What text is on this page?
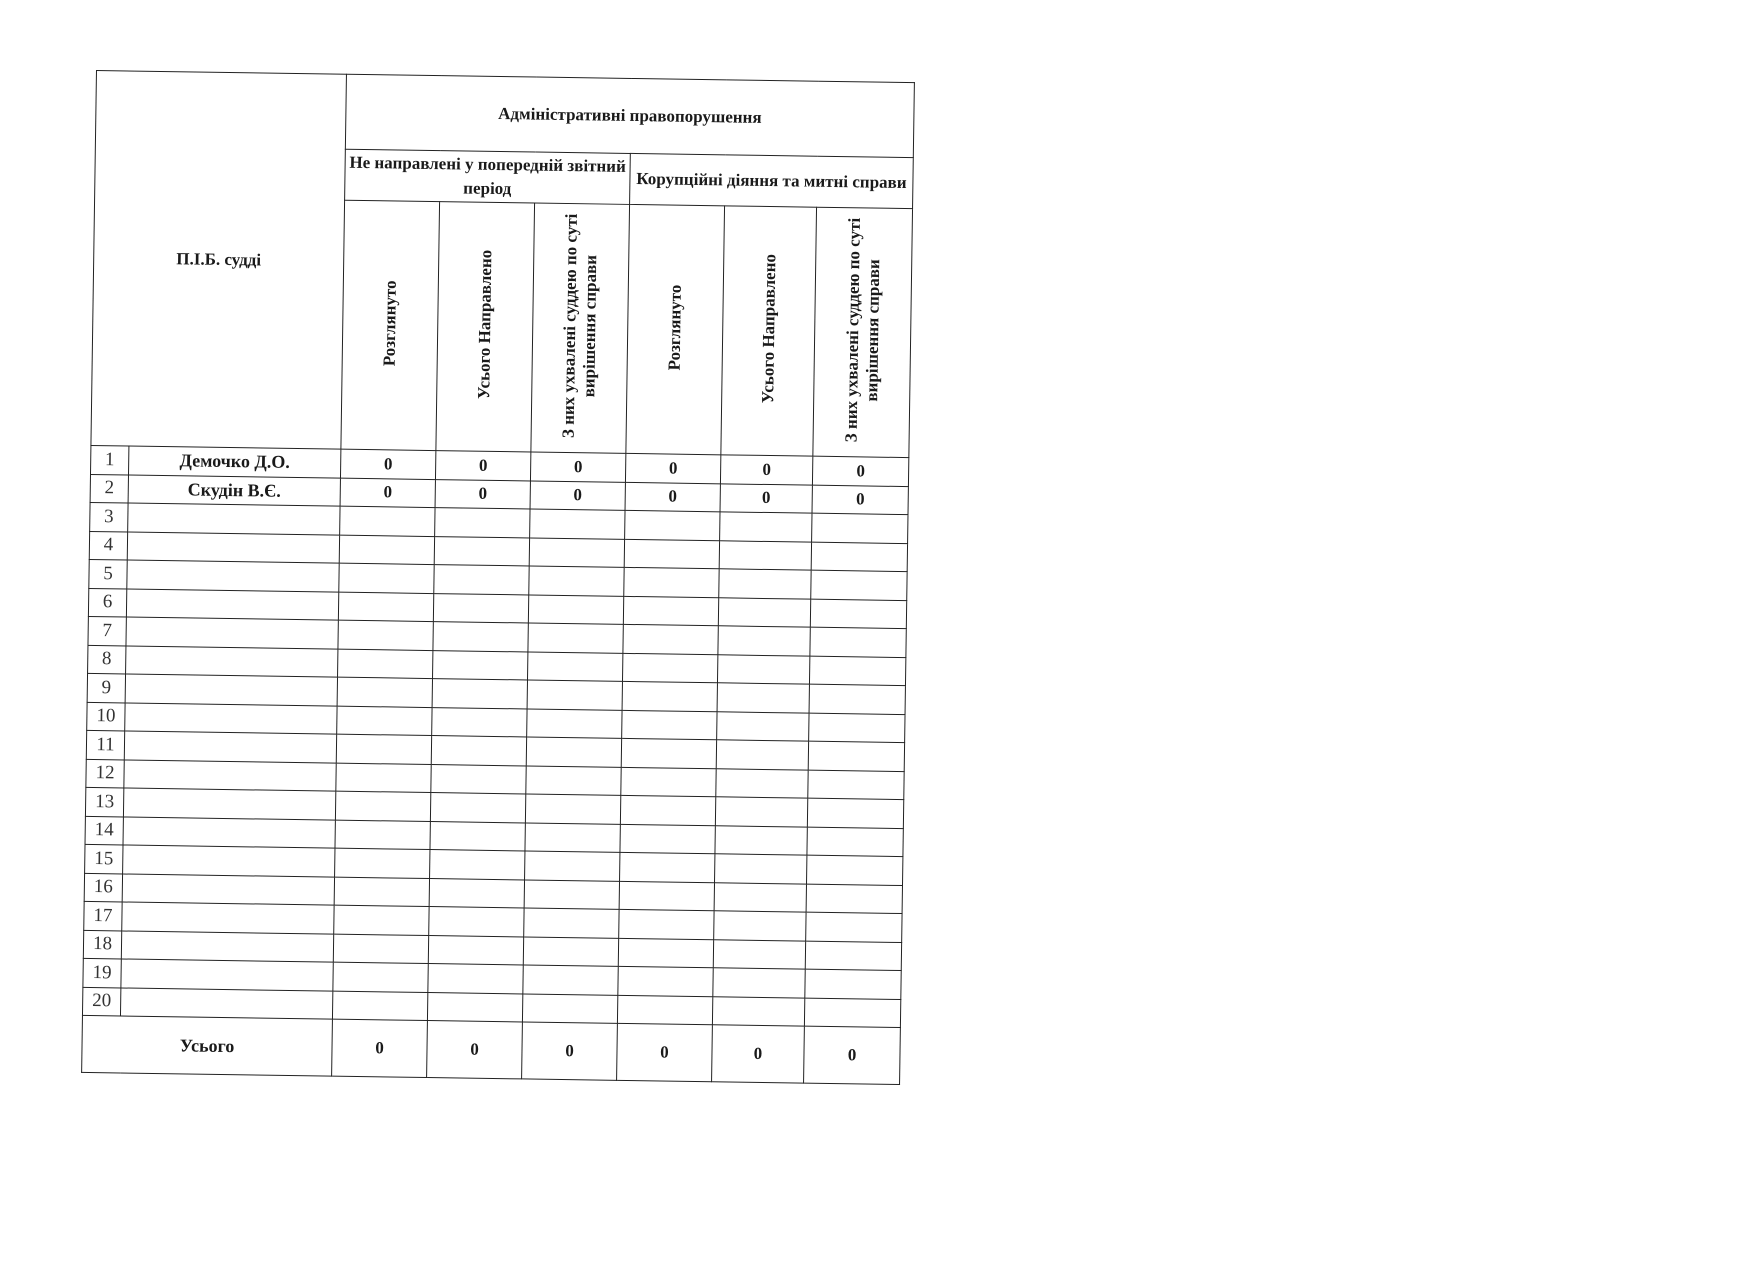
П.І.Б. судді		Адміністративні правопорушення					
		Не направлені у попередній звітний період			Корупційні діяння та митні справи		
		Розглянуто	Усього Направлено	З них ухвалені суддею по суті вирішення справи	Розглянуто	Усього Направлено	З них ухвалені суддею по суті вирішення справи
1	Демочко Д.О.	0	0	0	0	0	0
2	Скудін В.Є.	0	0	0	0	0	0
3							
4							
5							
6							
7							
8							
9							
10							
11							
12							
13							
14							
15							
16							
17							
18							
19							
20							
Усього		0	0	0	0	0	0
